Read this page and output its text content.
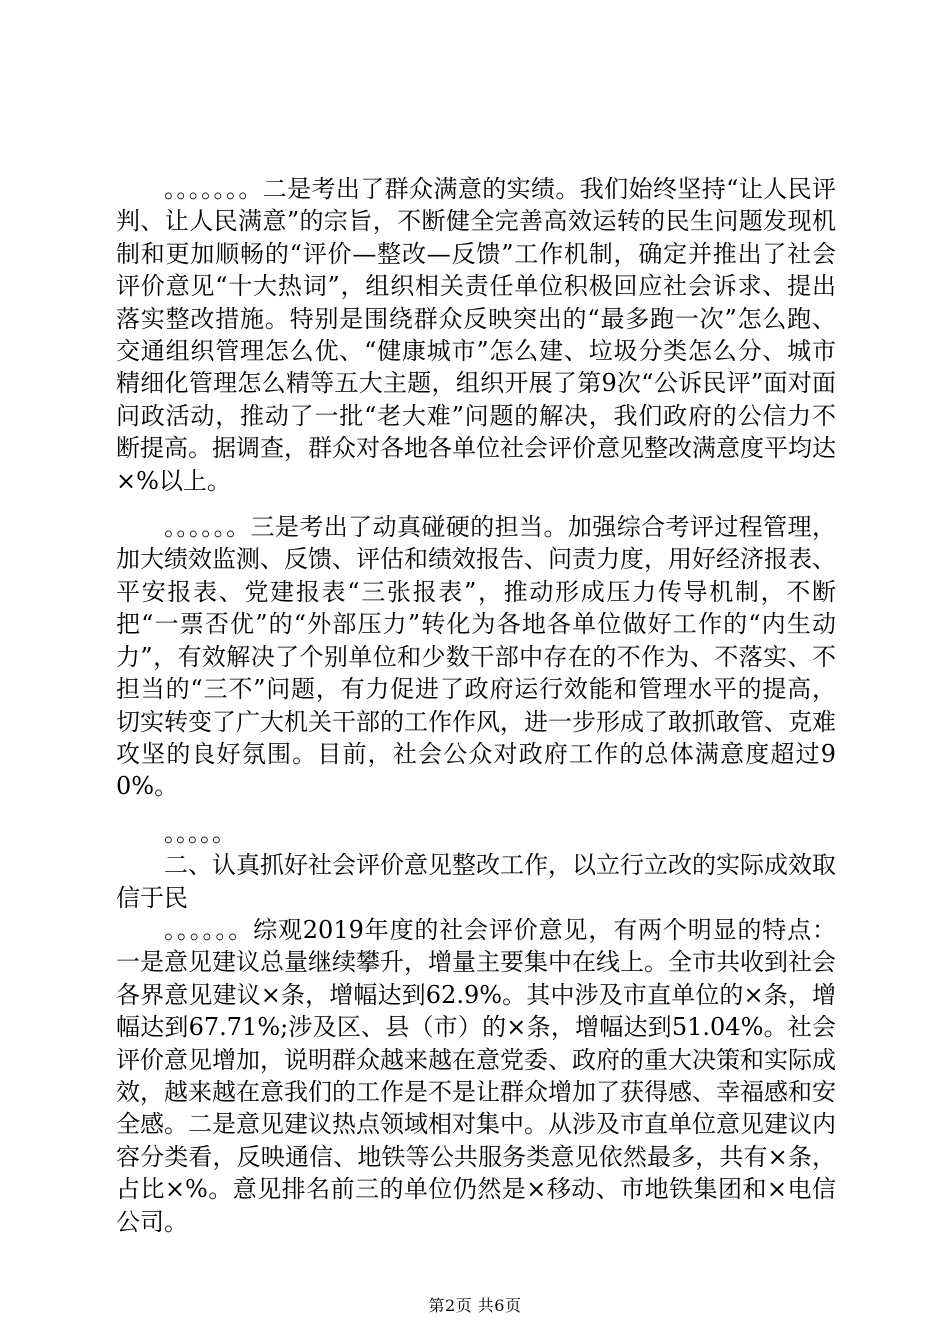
。。。。。。。二是考出了群众满意的实绩。我们始终坚持“让人民评判、让人民满意”的宗旨，不断健全完善高效运转的民生问题发现机制和更加顺畅的“评价—整改—反馈”工作机制，确定并推出了社会评价意见“十大热词”，组织相关责任单位积极回应社会诉求、提出落实整改措施。特别是围绕群众反映突出的“最多跑一次”怎么跑、交通组织管理怎么优、“健康城市”怎么建、垃圾分类怎么分、城市精细化管理怎么精等五大主题，组织开展了第9次“公诉民评”面对面问政活动，推动了一批“老大难”问题的解决，我们政府的公信力不断提高。据调查，群众对各地各单位社会评价意见整改满意度平均达×%以上。

。。。。。。三是考出了动真碰硬的担当。加强综合考评过程管理，加大绩效监测、反馈、评估和绩效报告、问责力度，用好经济报表、平安报表、党建报表“三张报表”，推动形成压力传导机制，不断把“一票否优”的“外部压力”转化为各地各单位做好工作的“内生动力”，有效解决了个别单位和少数干部中存在的不作为、不落实、不担当的“三不”问题，有力促进了政府运行效能和管理水平的提高，切实转变了广大机关干部的工作作风，进一步形成了敢抓敢管、克难攻坚的良好氛围。目前，社会公众对政府工作的总体满意度超过90%。

。。。。。

二、认真抓好社会评价意见整改工作，以立行立改的实际成效取信于民

。。。。。。综观2019年度的社会评价意见，有两个明显的特点：一是意见建议总量继续攀升，增量主要集中在线上。全市共收到社会各界意见建议×条，增幅达到62.9%。其中涉及市直单位的×条，增幅达到67.71%;涉及区、县（市）的×条，增幅达到51.04%。社会评价意见增加，说明群众越来越在意党委、政府的重大决策和实际成效，越来越在意我们的工作是不是让群众增加了获得感、幸福感和安全感。二是意见建议热点领域相对集中。从涉及市直单位意见建议内容分类看，反映通信、地铁等公共服务类意见依然最多，共有×条，占比×%。意见排名前三的单位仍然是×移动、市地铁集团和×电信公司。

第2页 共6页
